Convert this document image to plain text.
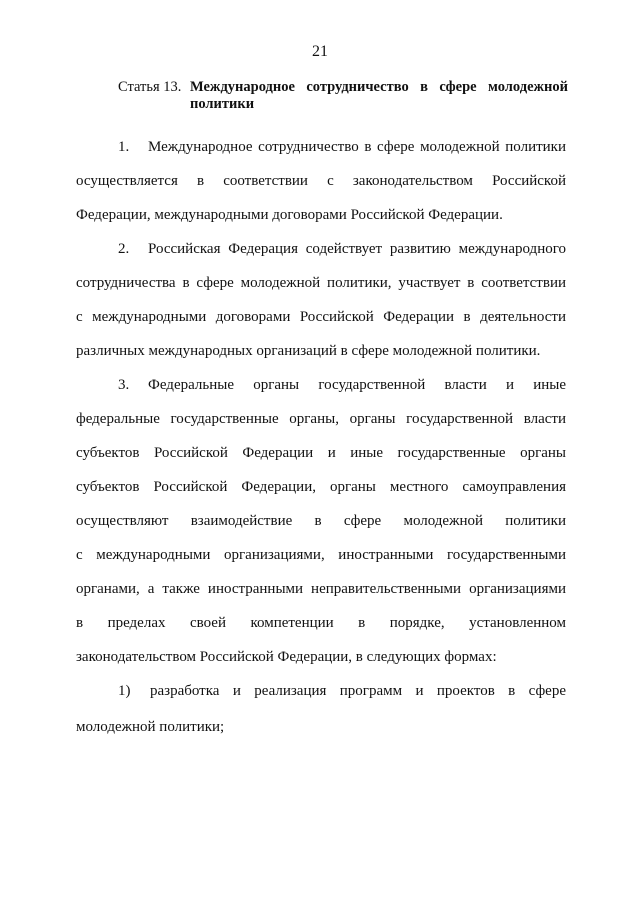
21
Статья 13. Международное сотрудничество в сфере молодежной политики
1. Международное сотрудничество в сфере молодежной политики
осуществляется в соответствии с законодательством Российской
Федерации, международными договорами Российской Федерации.
2. Российская Федерация содействует развитию международного
сотрудничества в сфере молодежной политики, участвует в соответствии
с международными договорами Российской Федерации в деятельности
различных международных организаций в сфере молодежной политики.
3. Федеральные органы государственной власти и иные
федеральные государственные органы, органы государственной власти
субъектов Российской Федерации и иные государственные органы
субъектов Российской Федерации, органы местного самоуправления
осуществляют взаимодействие в сфере молодежной политики
с международными организациями, иностранными государственными
органами, а также иностранными неправительственными организациями
в пределах своей компетенции в порядке, установленном
законодательством Российской Федерации, в следующих формах:
1) разработка и реализация программ и проектов в сфере
молодежной политики;
